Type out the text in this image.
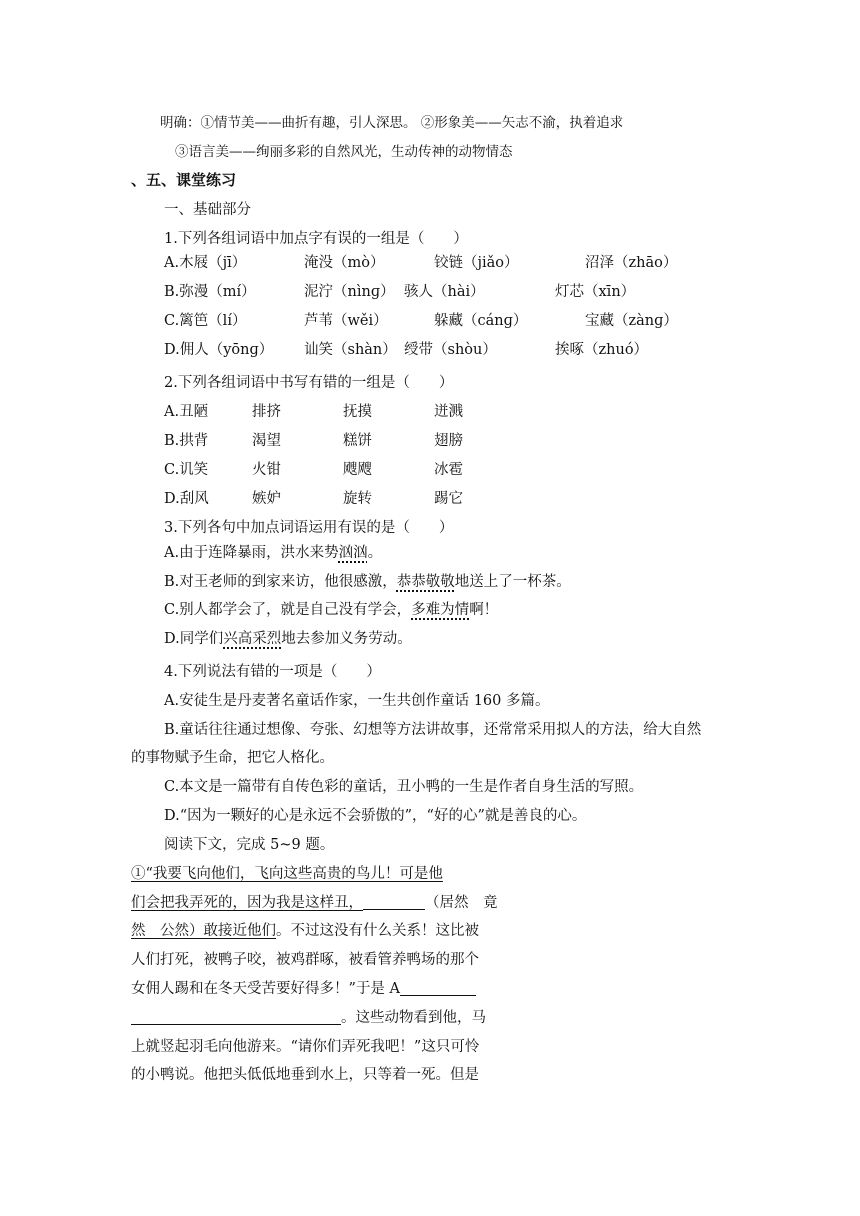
明确：①情节美——曲折有趣，引人深思。 ②形象美——矢志不渝，执着追求
③语言美——绚丽多彩的自然风光，生动传神的动物情态
、五、课堂练习
一、基础部分
1.下列各组词语中加点字有误的一组是（　　）
A.木屐（jī）	淹没（mò）	铰链（jiǎo）	沼泽（zhāo）
B.弥漫（mí）	泥泞（nìnɡ） 骇人（hài）	灯芯（xīn）
C.篱笆（lí）	芦苇（wěi）	躲藏（cánɡ）	宝藏（zànɡ）
D.佣人（yōnɡ） 讪笑（shàn） 绶带（shòu）	挨啄（zhuó）
2.下列各组词语中书写有错的一组是（　　）
A.丑陋	排挤	抚摸	迸溅
B.拱背	渴望	糕饼	翅膀
C.讥笑	火钳	飕飕	冰雹
D.刮风	嫉妒	旋转	踢它
3.下列各句中加点词语运用有误的是（　　）
A.由于连降暴雨，洪水来势汹汹。
B.对王老师的到家来访，他很感激，恭恭敬敬地送上了一杯茶。
C.别人都学会了，就是自己没有学会，多难为情啊！
D.同学们兴高采烈地去参加义务劳动。
4.下列说法有错的一项是（　　）
A.安徒生是丹麦著名童话作家，一生共创作童话 160 多篇。
B.童话往往通过想像、夸张、幻想等方法讲故事，还常常采用拟人的方法，给大自然
的事物赋予生命，把它人格化。
C.本文是一篇带有自传色彩的童话，丑小鸭的一生是作者自身生活的写照。
D.“因为一颗好的心是永远不会骄傲的”，“好的心”就是善良的心。
阅读下文，完成 5~9 题。
①“我要飞向他们，飞向这些高贵的鸟儿！可是他
们会把我弄死的，因为我是这样丑，	（居然　竟
然　公然）敢接近他们。不过这没有什么关系！这比被
人们打死，被鸭子咬，被鸡群啄，被看管养鸭场的那个
女佣人踢和在冬天受苦要好得多！”于是 A
。这些动物看到他，马
上就竖起羽毛向他游来。“请你们弄死我吧！”这只可怜
的小鸭说。他把头低低地垂到水上，只等着一死。但是
